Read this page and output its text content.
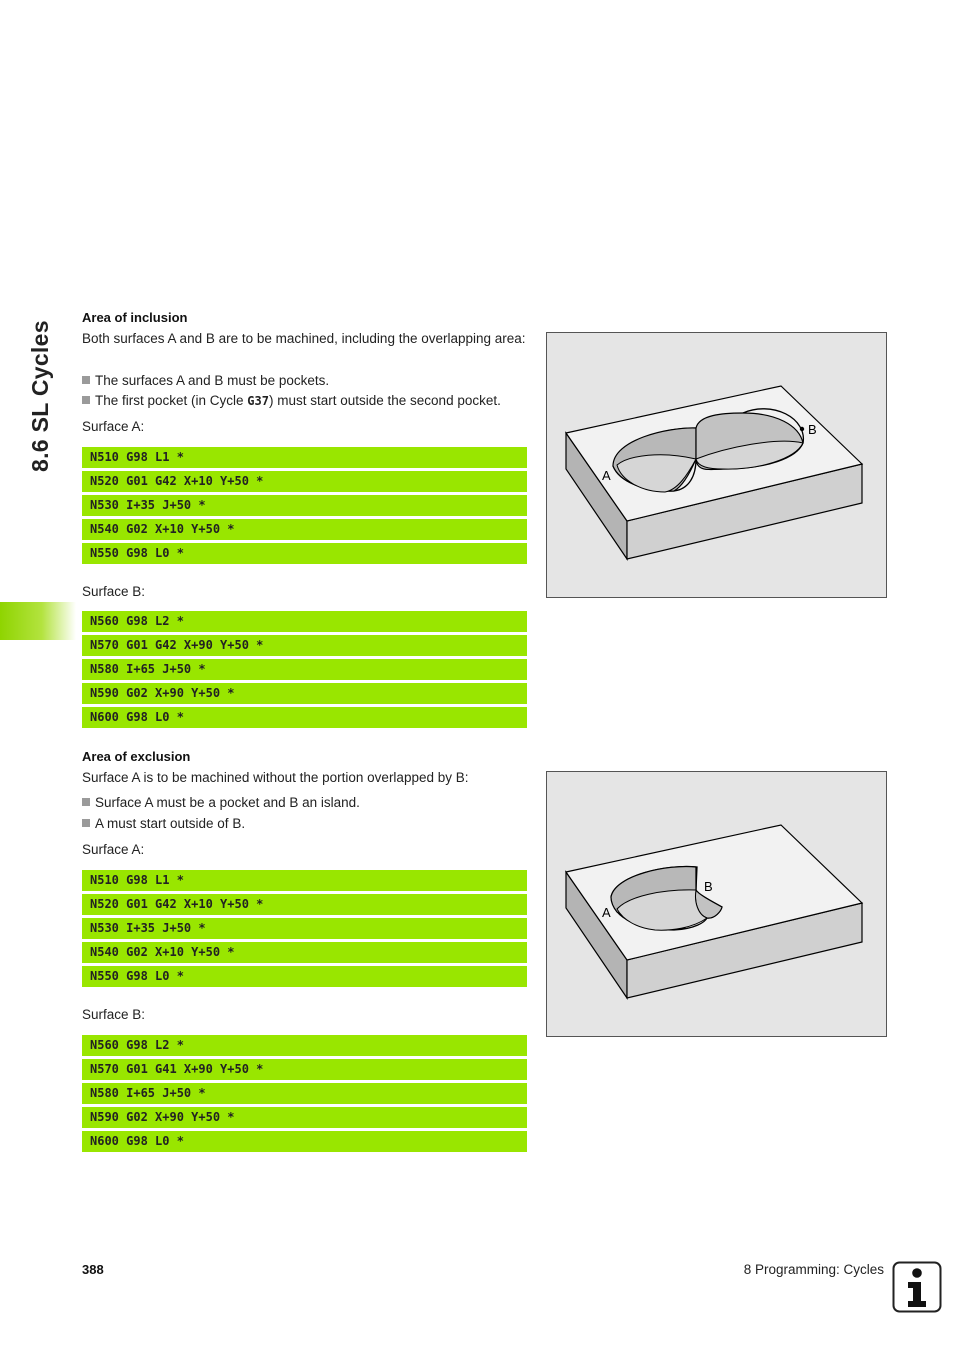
8.6 SL Cycles
Area of inclusion
Both surfaces A and B are to be machined, including the overlapping area:
The surfaces A and B must be pockets.
The first pocket (in Cycle G37) must start outside the second pocket.
Surface A:
N510 G98 L1 *
N520 G01 G42 X+10 Y+50 *
N530 I+35 J+50 *
N540 G02 X+10 Y+50 *
N550 G98 L0 *
Surface B:
N560 G98 L2 *
N570 G01 G42 X+90 Y+50 *
N580 I+65 J+50 *
N590 G02 X+90 Y+50 *
N600 G98 L0 *
A
B
Area of exclusion
Surface A is to be machined without the portion overlapped by B:
Surface A must be a pocket and B an island.
A must start outside of B.
Surface A:
N510 G98 L1 *
N520 G01 G42 X+10 Y+50 *
N530 I+35 J+50 *
N540 G02 X+10 Y+50 *
N550 G98 L0 *
Surface B:
N560 G98 L2 *
N570 G01 G41 X+90 Y+50 *
N580 I+65 J+50 *
N590 G02 X+90 Y+50 *
N600 G98 L0 *
A
B
388	8 Programming: Cycles
